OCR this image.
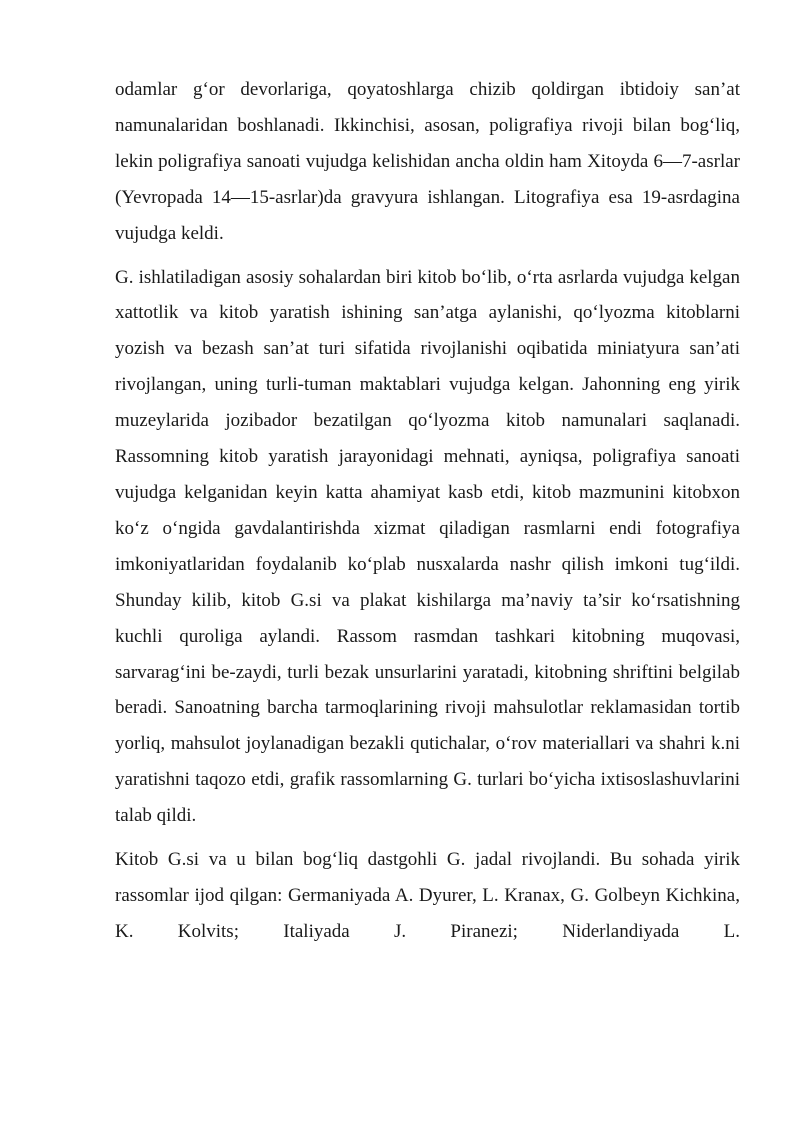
odamlar g‘or devorlariga, qoyatoshlarga chizib qoldirgan ibtidoiy san’at namunalaridan boshlanadi. Ikkinchisi, asosan, poligrafiya rivoji bilan bog‘liq, lekin poligrafiya sanoati vujudga kelishidan ancha oldin ham Xitoyda 6—7-asrlar (Yevropada 14—15-asrlar)da gravyura ishlangan. Litografiya esa 19-asrdagina vujudga keldi.

G. ishlatiladigan asosiy sohalardan biri kitob bo‘lib, o‘rta asrlarda vujudga kelgan xattotlik va kitob yaratish ishining san’atga aylanishi, qo‘lyozma kitoblarni yozish va bezash san’at turi sifatida rivojlanishi oqibatida miniatyura san’ati rivojlangan, uning turli-tuman maktablari vujudga kelgan. Jahonning eng yirik muzeylarida jozibador bezatilgan qo‘lyozma kitob namunalari saqlanadi. Rassomning kitob yaratish jarayonidagi mehnati, ayniqsa, poligrafiya sanoati vujudga kelganidan keyin katta ahamiyat kasb etdi, kitob mazmunini kitobxon ko‘z o‘ngida gavdalantirishda xizmat qiladigan rasmlarni endi fotografiya imkoniyatlaridan foydalanib ko‘plab nusxalarda nashr qilish imkoni tug‘ildi. Shunday kilib, kitob G.si va plakat kishilarga ma’naviy ta’sir ko‘rsatishning kuchli quroliga aylandi. Rassom rasmdan tashkari kitobning muqovasi, sarvarag‘ini be-zaydi, turli bezak unsurlarini yaratadi, kitobning shriftini belgilab beradi. Sanoatning barcha tarmoqlarining rivoji mahsulotlar reklamasidan tortib yorliq, mahsulot joylanadigan bezakli qutichalar, o‘rov materiallari va shahri k.ni yaratishni taqozo etdi, grafik rassomlarning G. turlari bo‘yicha ixtisoslashuvlarini talab qildi.

Kitob G.si va u bilan bog‘liq dastgohli G. jadal rivojlandi. Bu sohada yirik rassomlar ijod qilgan: Germaniyada A. Dyurer, L. Kranax, G. Golbeyn Kichkina, K. Kolvits; Italiyada J. Piranezi; Niderlandiyada L.
